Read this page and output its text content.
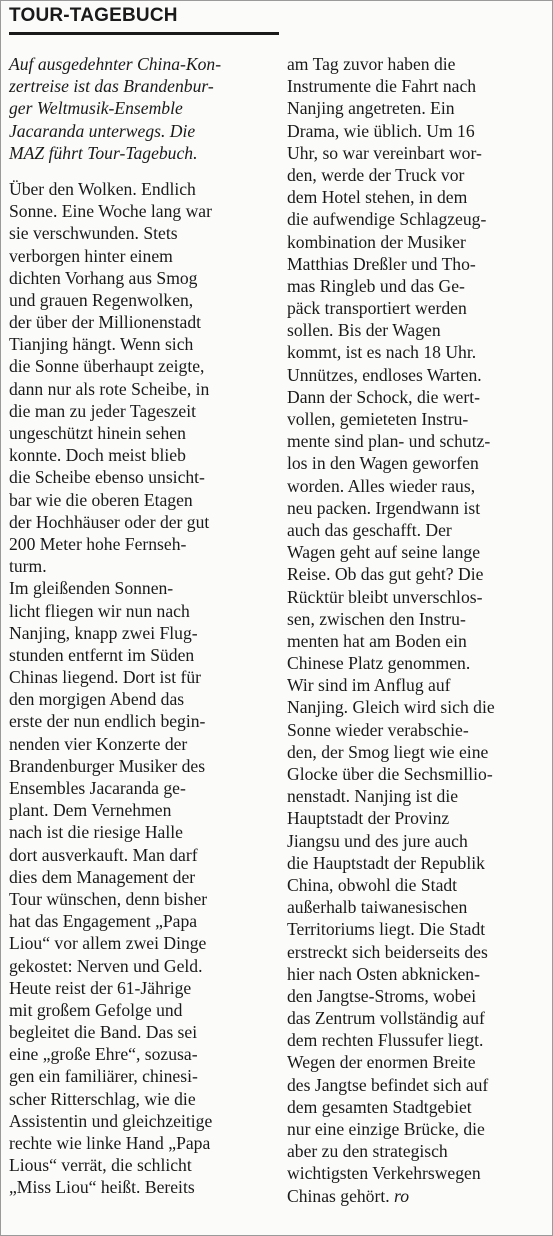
TOUR-TAGEBUCH
Auf ausgedehnter China-Kon-
zertreise ist das Brandenbur-
ger Weltmusik-Ensemble
Jacaranda unterwegs. Die
MAZ führt Tour-Tagebuch.
Über den Wolken. Endlich
Sonne. Eine Woche lang war
sie verschwunden. Stets
verborgen hinter einem
dichten Vorhang aus Smog
und grauen Regenwolken,
der über der Millionenstadt
Tianjing hängt. Wenn sich
die Sonne überhaupt zeigte,
dann nur als rote Scheibe, in
die man zu jeder Tageszeit
ungeschützt hinein sehen
konnte. Doch meist blieb
die Scheibe ebenso unsicht-
bar wie die oberen Etagen
der Hochhäuser oder der gut
200 Meter hohe Fernseh-
turm.
Im gleißenden Sonnen-
licht fliegen wir nun nach
Nanjing, knapp zwei Flug-
stunden entfernt im Süden
Chinas liegend. Dort ist für
den morgigen Abend das
erste der nun endlich begin-
nenden vier Konzerte der
Brandenburger Musiker des
Ensembles Jacaranda ge-
plant. Dem Vernehmen
nach ist die riesige Halle
dort ausverkauft. Man darf
dies dem Management der
Tour wünschen, denn bisher
hat das Engagement „Papa
Liou“ vor allem zwei Dinge
gekostet: Nerven und Geld.
Heute reist der 61-Jährige
mit großem Gefolge und
begleitet die Band. Das sei
eine „große Ehre“, sozusa-
gen ein familiärer, chinesi-
scher Ritterschlag, wie die
Assistentin und gleichzeitige
rechte wie linke Hand „Papa
Lious“ verrät, die schlicht
„Miss Liou“ heißt. Bereits
am Tag zuvor haben die
Instrumente die Fahrt nach
Nanjing angetreten. Ein
Drama, wie üblich. Um 16
Uhr, so war vereinbart wor-
den, werde der Truck vor
dem Hotel stehen, in dem
die aufwendige Schlagzeug-
kombination der Musiker
Matthias Dreßler und Tho-
mas Ringleb und das Ge-
päck transportiert werden
sollen. Bis der Wagen
kommt, ist es nach 18 Uhr.
Unnützes, endloses Warten.
Dann der Schock, die wert-
vollen, gemieteten Instru-
mente sind plan- und schutz-
los in den Wagen geworfen
worden. Alles wieder raus,
neu packen. Irgendwann ist
auch das geschafft. Der
Wagen geht auf seine lange
Reise. Ob das gut geht? Die
Rücktür bleibt unverschlos-
sen, zwischen den Instru-
menten hat am Boden ein
Chinese Platz genommen.
Wir sind im Anflug auf
Nanjing. Gleich wird sich die
Sonne wieder verabschie-
den, der Smog liegt wie eine
Glocke über die Sechsmillio-
nenstadt. Nanjing ist die
Hauptstadt der Provinz
Jiangsu und des jure auch
die Hauptstadt der Republik
China, obwohl die Stadt
außerhalb taiwanesischen
Territoriums liegt. Die Stadt
erstreckt sich beiderseits des
hier nach Osten abknicken-
den Jangtse-Stroms, wobei
das Zentrum vollständig auf
dem rechten Flussufer liegt.
Wegen der enormen Breite
des Jangtse befindet sich auf
dem gesamten Stadtgebiet
nur eine einzige Brücke, die
aber zu den strategisch
wichtigsten Verkehrswegen
Chinas gehört. ro
